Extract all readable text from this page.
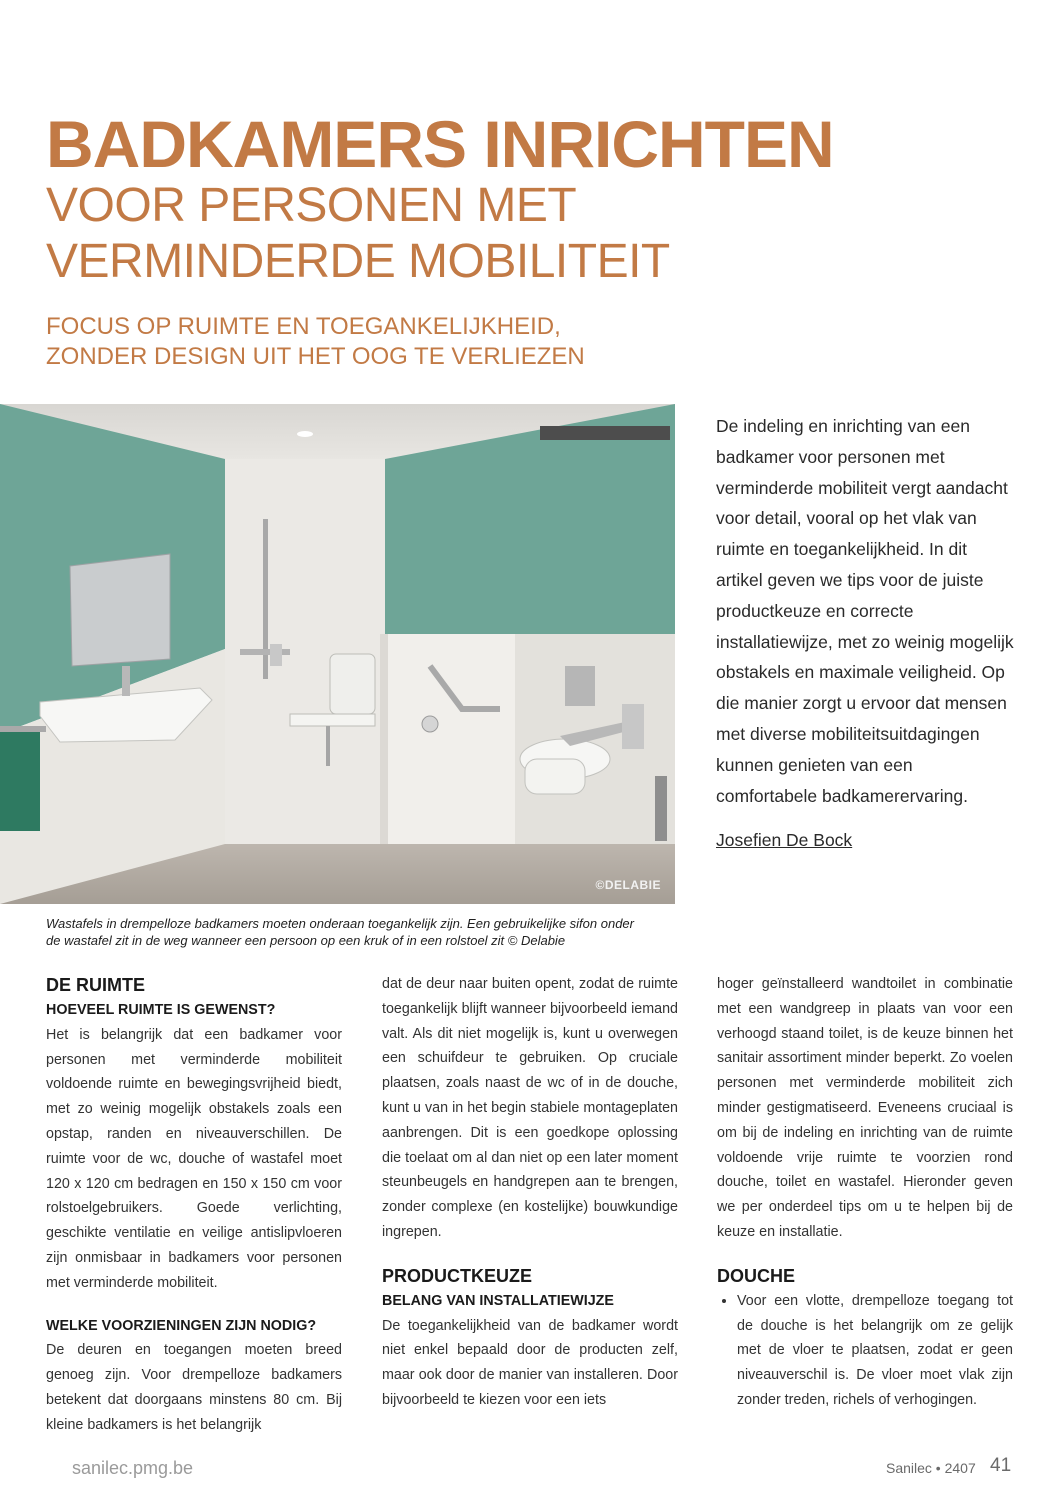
BADKAMERS INRICHTEN
VOOR PERSONEN MET
VERMINDERDE MOBILITEIT
FOCUS OP RUIMTE EN TOEGANKELIJKHEID,
ZONDER DESIGN UIT HET OOG TE VERLIEZEN
©DELABIE

De indeling en inrichting van een badkamer voor personen met verminderde mobiliteit vergt aandacht voor detail, vooral op het vlak van ruimte en toegankelijkheid. In dit artikel geven we tips voor de juiste productkeuze en correcte installatiewijze, met zo weinig mogelijk obstakels en maximale veiligheid. Op die manier zorgt u ervoor dat mensen met diverse mobiliteitsuitdagingen kunnen genieten van een comfortabele badkamerervaring.

Josefien De Bock

Wastafels in drempelloze badkamers moeten onderaan toegankelijk zijn. Een gebruikelijke sifon onder de wastafel zit in de weg wanneer een persoon op een kruk of in een rolstoel zit © Delabie

DE RUIMTE
HOEVEEL RUIMTE IS GEWENST?

Het is belangrijk dat een badkamer voor personen met verminderde mobiliteit voldoende ruimte en bewegingsvrijheid biedt, met zo weinig mogelijk obstakels zoals een opstap, randen en niveauverschillen. De ruimte voor de wc, douche of wastafel moet 120 x 120 cm bedragen en 150 x 150 cm voor rolstoelgebruikers. Goede verlichting, geschikte ventilatie en veilige antislipvloeren zijn onmisbaar in badkamers voor personen met verminderde mobiliteit.

WELKE VOORZIENINGEN ZIJN NODIG?

De deuren en toegangen moeten breed genoeg zijn. Voor drempelloze badkamers betekent dat doorgaans minstens 80 cm. Bij kleine badkamers is het belangrijk

dat de deur naar buiten opent, zodat de ruimte toegankelijk blijft wanneer bijvoorbeeld iemand valt. Als dit niet mogelijk is, kunt u overwegen een schuifdeur te gebruiken. Op cruciale plaatsen, zoals naast de wc of in de douche, kunt u van in het begin stabiele montageplaten aanbrengen. Dit is een goedkope oplossing die toelaat om al dan niet op een later moment steunbeugels en handgrepen aan te brengen, zonder complexe (en kostelijke) bouwkundige ingrepen.

PRODUCTKEUZE
BELANG VAN INSTALLATIEWIJZE

De toegankelijkheid van de badkamer wordt niet enkel bepaald door de producten zelf, maar ook door de manier van installeren. Door bijvoorbeeld te kiezen voor een iets

hoger geïnstalleerd wandtoilet in combinatie met een wandgreep in plaats van voor een verhoogd staand toilet, is de keuze binnen het sanitair assortiment minder beperkt. Zo voelen personen met verminderde mobiliteit zich minder gestigmatiseerd. Eveneens cruciaal is om bij de indeling en inrichting van de ruimte voldoende vrije ruimte te voorzien rond douche, toilet en wastafel. Hieronder geven we per onderdeel tips om u te helpen bij de keuze en installatie.

DOUCHE
• Voor een vlotte, drempelloze toegang tot de douche is het belangrijk om ze gelijk met de vloer te plaatsen, zodat er geen niveauverschil is. De vloer moet vlak zijn zonder treden, richels of verhogingen.
sanilec.pmg.be	Sanilec • 2407 41
